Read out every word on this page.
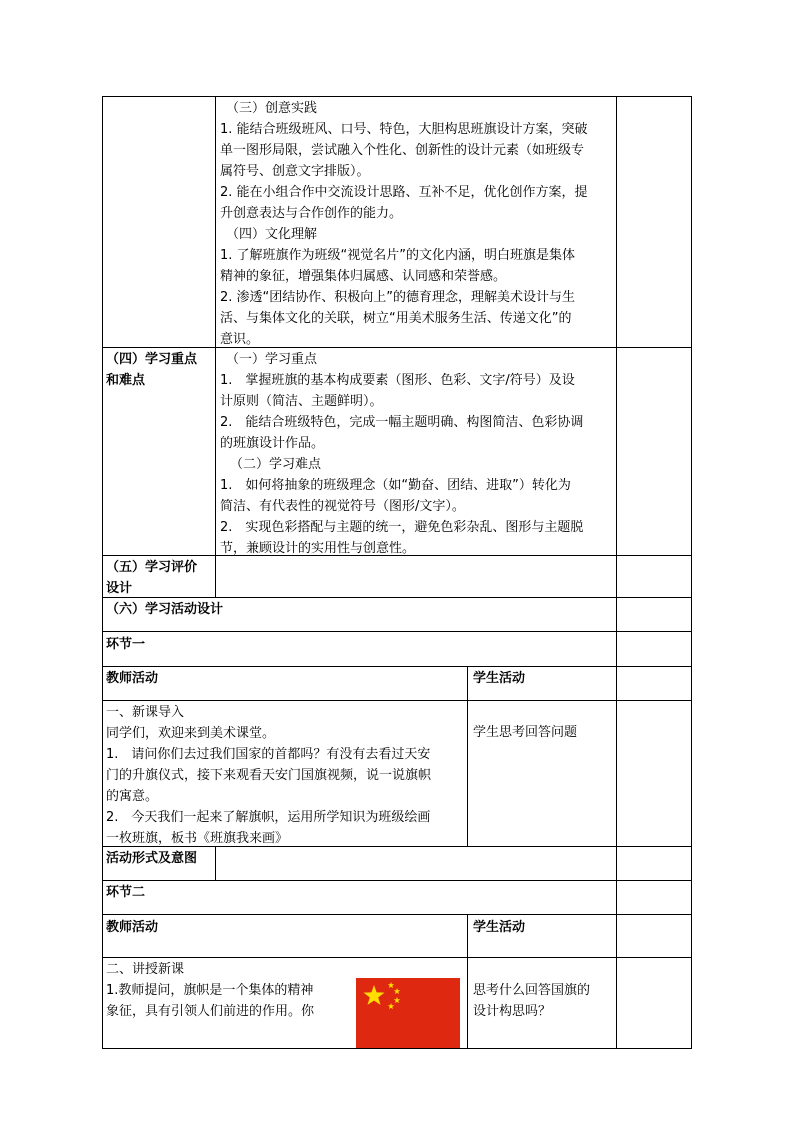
（三）创意实践

1. 能结合班级班风、口号、特色，大胆构思班旗设计方案，突破

单一图形局限，尝试融入个性化、创新性的设计元素（如班级专

属符号、创意文字排版）。

2. 能在小组合作中交流设计思路、互补不足，优化创作方案，提

升创意表达与合作创作的能力。

（四）文化理解

1. 了解班旗作为班级“视觉名片”的文化内涵，明白班旗是集体

精神的象征，增强集体归属感、认同感和荣誉感。

2. 渗透“团结协作、积极向上”的德育理念，理解美术设计与生

活、与集体文化的关联，树立“用美术服务生活、传递文化”的

意识。

（四）学习重点

和难点

（一）学习重点

1.　掌握班旗的基本构成要素（图形、色彩、文字/符号）及设

计原则（简洁、主题鲜明）。

2.　能结合班级特色，完成一幅主题明确、构图简洁、色彩协调

的班旗设计作品。

（二）学习难点

1.　如何将抽象的班级理念（如“勤奋、团结、进取”）转化为

简洁、有代表性的视觉符号（图形/文字）。

2.　实现色彩搭配与主题的统一，避免色彩杂乱、图形与主题脱

节，兼顾设计的实用性与创意性。

（五）学习评价

设计

（六）学习活动设计

环节一

教师活动	学生活动

一、新课导入

同学们，欢迎来到美术课堂。

1.　请问你们去过我们国家的首都吗？有没有去看过天安

门的升旗仪式，接下来观看天安门国旗视频，说一说旗帜

的寓意。

2.　今天我们一起来了解旗帜，运用所学知识为班级绘画

一枚班旗，板书《班旗我来画》

学生思考回答问题

活动形式及意图

环节二

教师活动	学生活动

二、讲授新课

1.教师提问，旗帜是一个集体的精神

象征，具有引领人们前进的作用。你

思考什么回答国旗的

设计构思吗？
